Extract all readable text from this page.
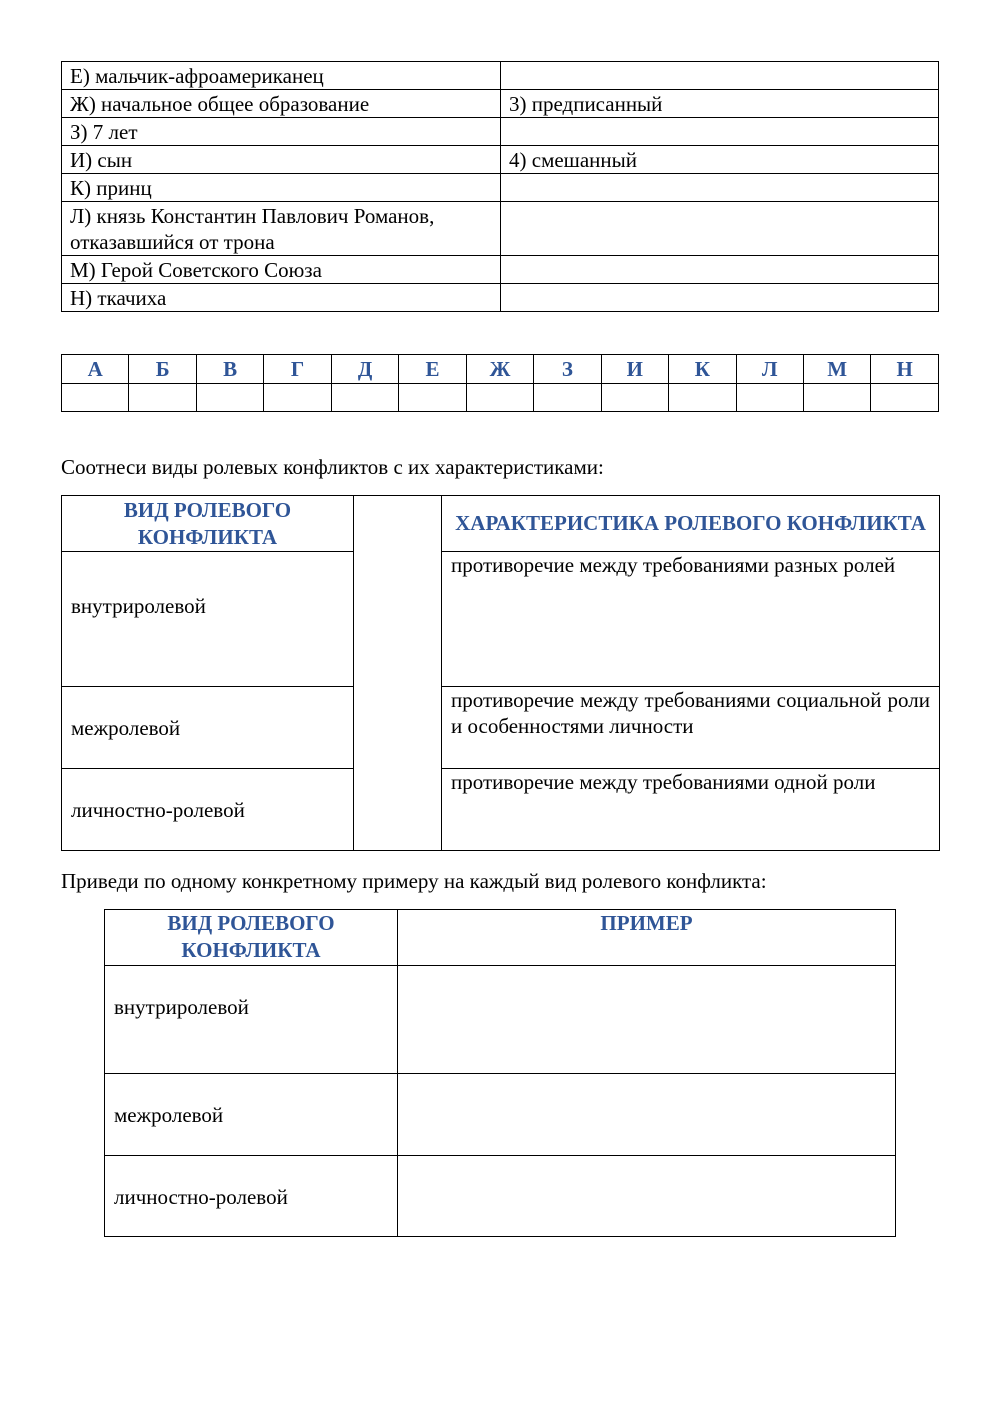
Е) мальчик-афроамериканец	
Ж) начальное общее образование	3) предписанный
З) 7 лет	
И) сын	4) смешанный
К) принц	
Л) князь Константин Павлович Романов, отказавшийся от трона	
М) Герой Советского Союза	
Н) ткачиха	
А	Б	В	Г	Д	Е	Ж	З	И	К	Л	М	Н

Соотнеси виды ролевых конфликтов с их характеристиками:
ВИД РОЛЕВОГО КОНФЛИКТА		ХАРАКТЕРИСТИКА РОЛЕВОГО КОНФЛИКТА
внутриролевой		противоречие между требованиями разных ролей
межролевой		противоречие между требованиями социальной роли и особенностями личности
личностно-ролевой		противоречие между требованиями одной роли
Приведи по одному конкретному примеру на каждый вид ролевого конфликта:
ВИД РОЛЕВОГО КОНФЛИКТА	ПРИМЕР
внутриролевой	
межролевой	
личностно-ролевой	
